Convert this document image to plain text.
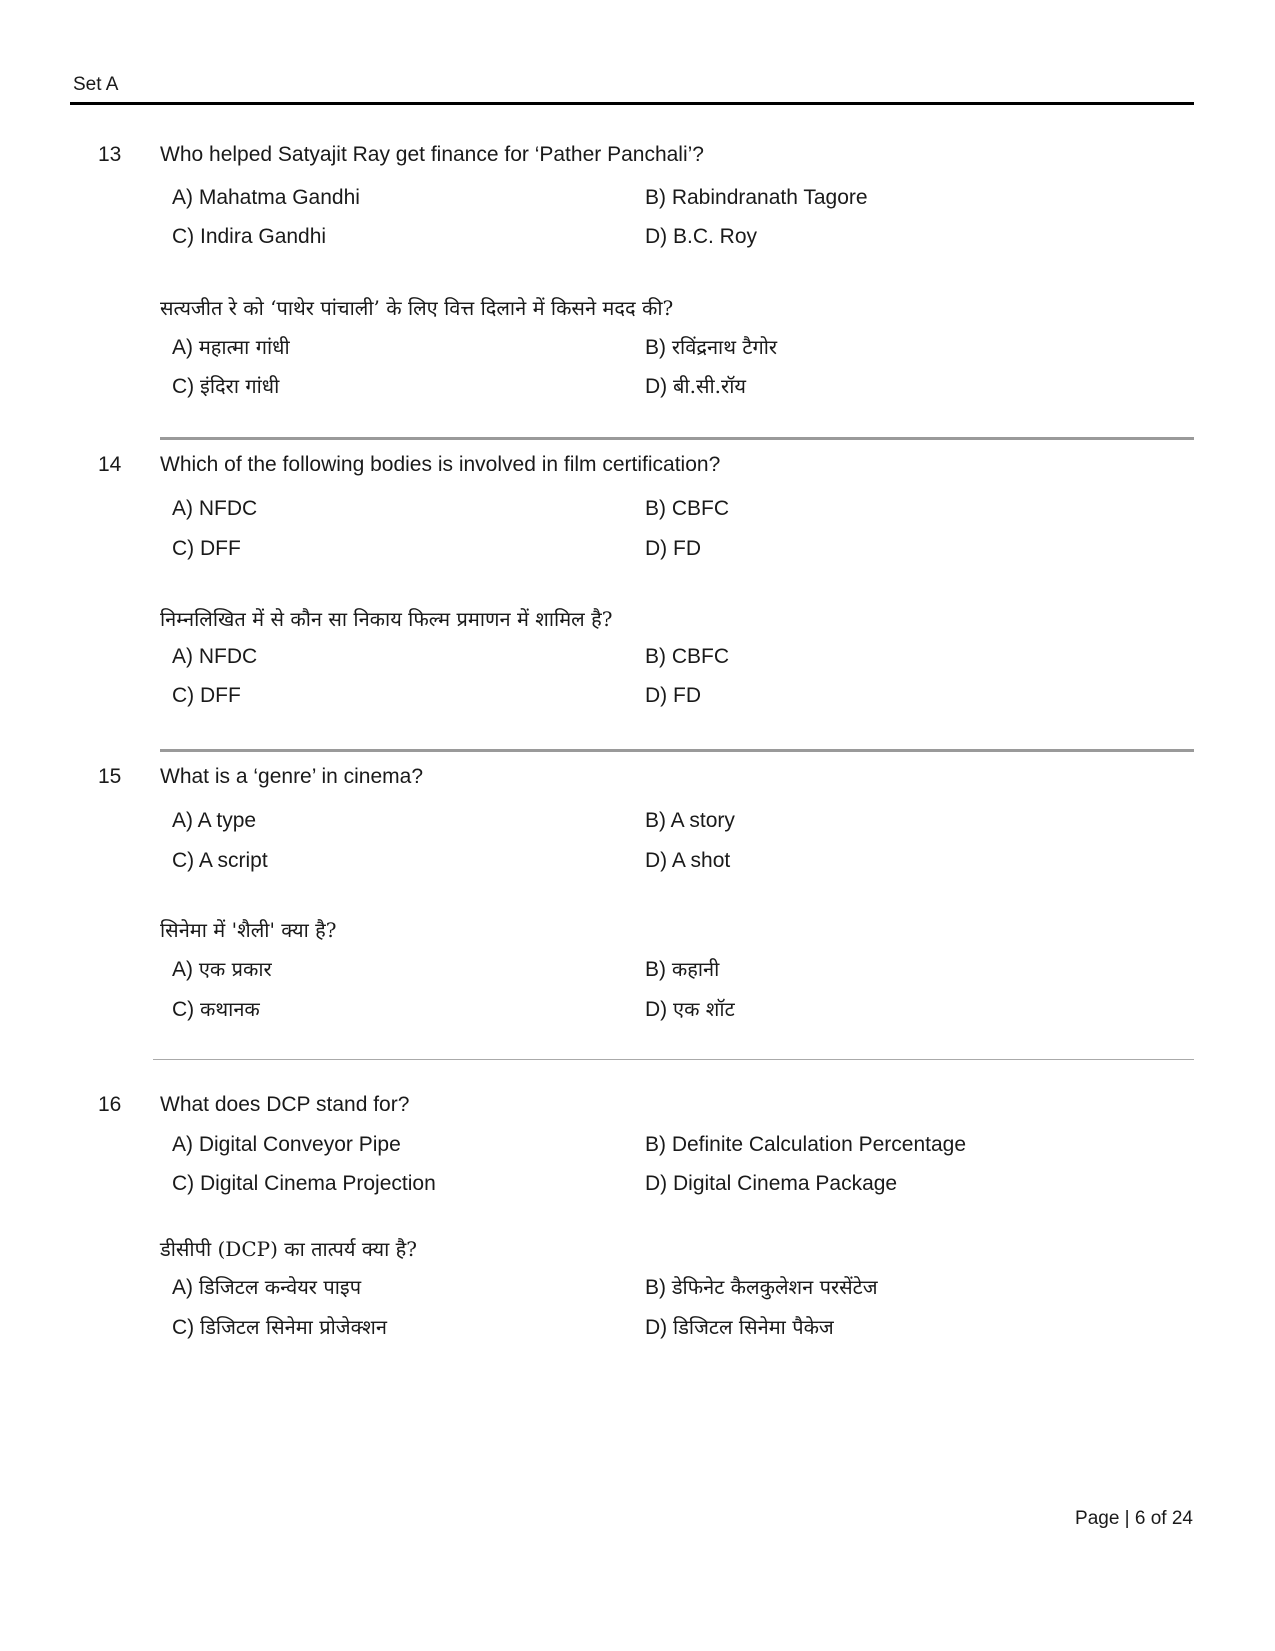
Set A
13 Who helped Satyajit Ray get finance for ‘Pather Panchali’?
A) Mahatma Gandhi	B) Rabindranath Tagore
C) Indira Gandhi	D) B.C. Roy
सत्यजीत रे को ‘पाथेर पांचाली’ के लिए वित्त दिलाने में किसने मदद की?
A) महात्मा गांधी	B) रविंद्रनाथ टैगोर
C) इंदिरा गांधी	D) बी.सी.रॉय
14 Which of the following bodies is involved in film certification?
A) NFDC	B) CBFC
C) DFF	D) FD
निम्नलिखित में से कौन सा निकाय फिल्म प्रमाणन में शामिल है?
A) NFDC	B) CBFC
C) DFF	D) FD
15 What is a ‘genre’ in cinema?
A) A type	B) A story
C) A script	D) A shot
सिनेमा में 'शैली' क्या है?
A) एक प्रकार	B) कहानी
C) कथानक	D) एक शॉट
16 What does DCP stand for?
A) Digital Conveyor Pipe	B) Definite Calculation Percentage
C) Digital Cinema Projection	D) Digital Cinema Package
डीसीपी (DCP) का तात्पर्य क्या है?
A) डिजिटल कन्वेयर पाइप	B) डेफिनेट कैलकुलेशन परसेंटेज
C) डिजिटल सिनेमा प्रोजेक्शन	D) डिजिटल सिनेमा पैकेज
Page | 6 of 24
